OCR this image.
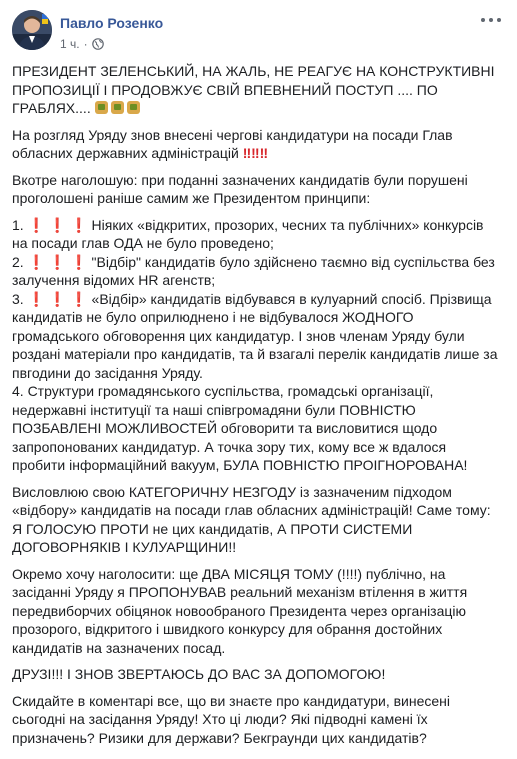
Павло Розенко
1 ч. ·

ПРЕЗИДЕНТ ЗЕЛЕНСЬКИЙ, НА ЖАЛЬ, НЕ РЕАГУЄ НА КОНСТРУКТИВНІ ПРОПОЗИЦІЇ І ПРОДОВЖУЄ СВІЙ ВПЕВНЕНИЙ ПОСТУП .... ПО ГРАБЛЯХ....

На розгляд Уряду знов внесені чергові кандидатури на посади Глав обласних державних адміністрацій ‼‼‼

Вкотре наголошую: при поданні зазначених кандидатів були порушені проголошені раніше самим же Президентом принципи:

1. ❗ ❗ ❗ Ніяких «відкритих, прозорих, чесних та публічних» конкурсів на посади глав ОДА не було проведено;
2. ❗ ❗ ❗ "Відбір" кандидатів було здійснено таємно від суспільства без залучення відомих HR агенств;
3. ❗ ❗ ❗ «Відбір» кандидатів відбувався в кулуарний спосіб. Прізвища кандидатів не було оприлюднено і не відбувалося ЖОДНОГО громадського обговорення цих кандидатур. І знов членам Уряду були роздані матеріали про кандидатів, та й взагалі перелік кандидатів лише за пвгодини до засідання Уряду.
4. Структури громадянського суспільства, громадські організації, недержавні інституції та наші співгромадяни були ПОВНІСТЮ ПОЗБАВЛЕНІ МОЖЛИВОСТЕЙ обговорити та висловитися щодо запропонованих кандидатур. А точка зору тих, кому все ж вдалося пробити інформаційний вакуум, БУЛА ПОВНІСТЮ ПРОІГНОРОВАНА!

Висловлюю свою КАТЕГОРИЧНУ НЕЗГОДУ із зазначеним підходом «відбору» кандидатів на посади глав обласних адміністрацій! Саме тому: Я ГОЛОСУЮ ПРОТИ не цих кандидатів, А ПРОТИ СИСТЕМИ ДОГОВОРНЯКІВ І КУЛУАРЩИНИ!!

Окремо хочу наголосити: ще ДВА МІСЯЦЯ ТОМУ (!!!!) публічно, на засіданні Уряду я ПРОПОНУВАВ реальний механізм втілення в життя передвиборчих обіцянок новообраного Президента через організацію прозорого, відкритого і швидкого конкурсу для обрання достойних кандидатів на зазначених посад.

ДРУЗІ!!! І ЗНОВ ЗВЕРТАЮСЬ ДО ВАС ЗА ДОПОМОГОЮ!

Скидайте в коментарі все, що ви знаєте про кандидатури, винесені сьогодні на засідання Уряду! Хто ці люди? Які підводні камені їх призначень? Ризики для держави? Бекграунди цих кандидатів?
